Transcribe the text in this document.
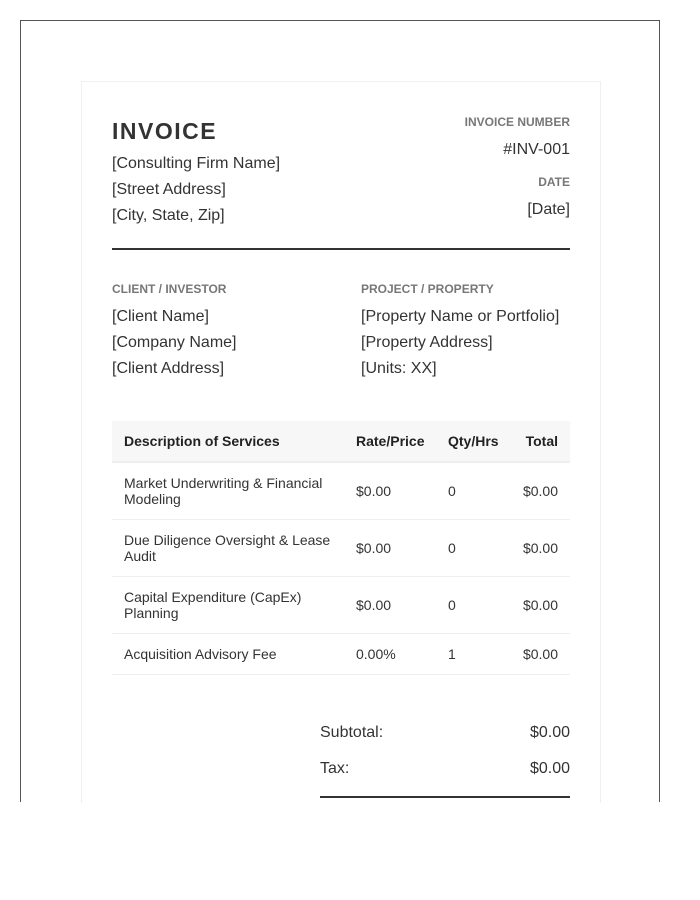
INVOICE
[Consulting Firm Name]
[Street Address]
[City, State, Zip]
INVOICE NUMBER
#INV-001
DATE
[Date]
CLIENT / INVESTOR
[Client Name]
[Company Name]
[Client Address]
PROJECT / PROPERTY
[Property Name or Portfolio]
[Property Address]
[Units: XX]
Description of Services	Rate/Price	Qty/Hrs	Total
Market Underwriting & Financial Modeling	$0.00	0	$0.00
Due Diligence Oversight & Lease Audit	$0.00	0	$0.00
Capital Expenditure (CapEx) Planning	$0.00	0	$0.00
Acquisition Advisory Fee	0.00%	1	$0.00
Subtotal:	$0.00
Tax:	$0.00
